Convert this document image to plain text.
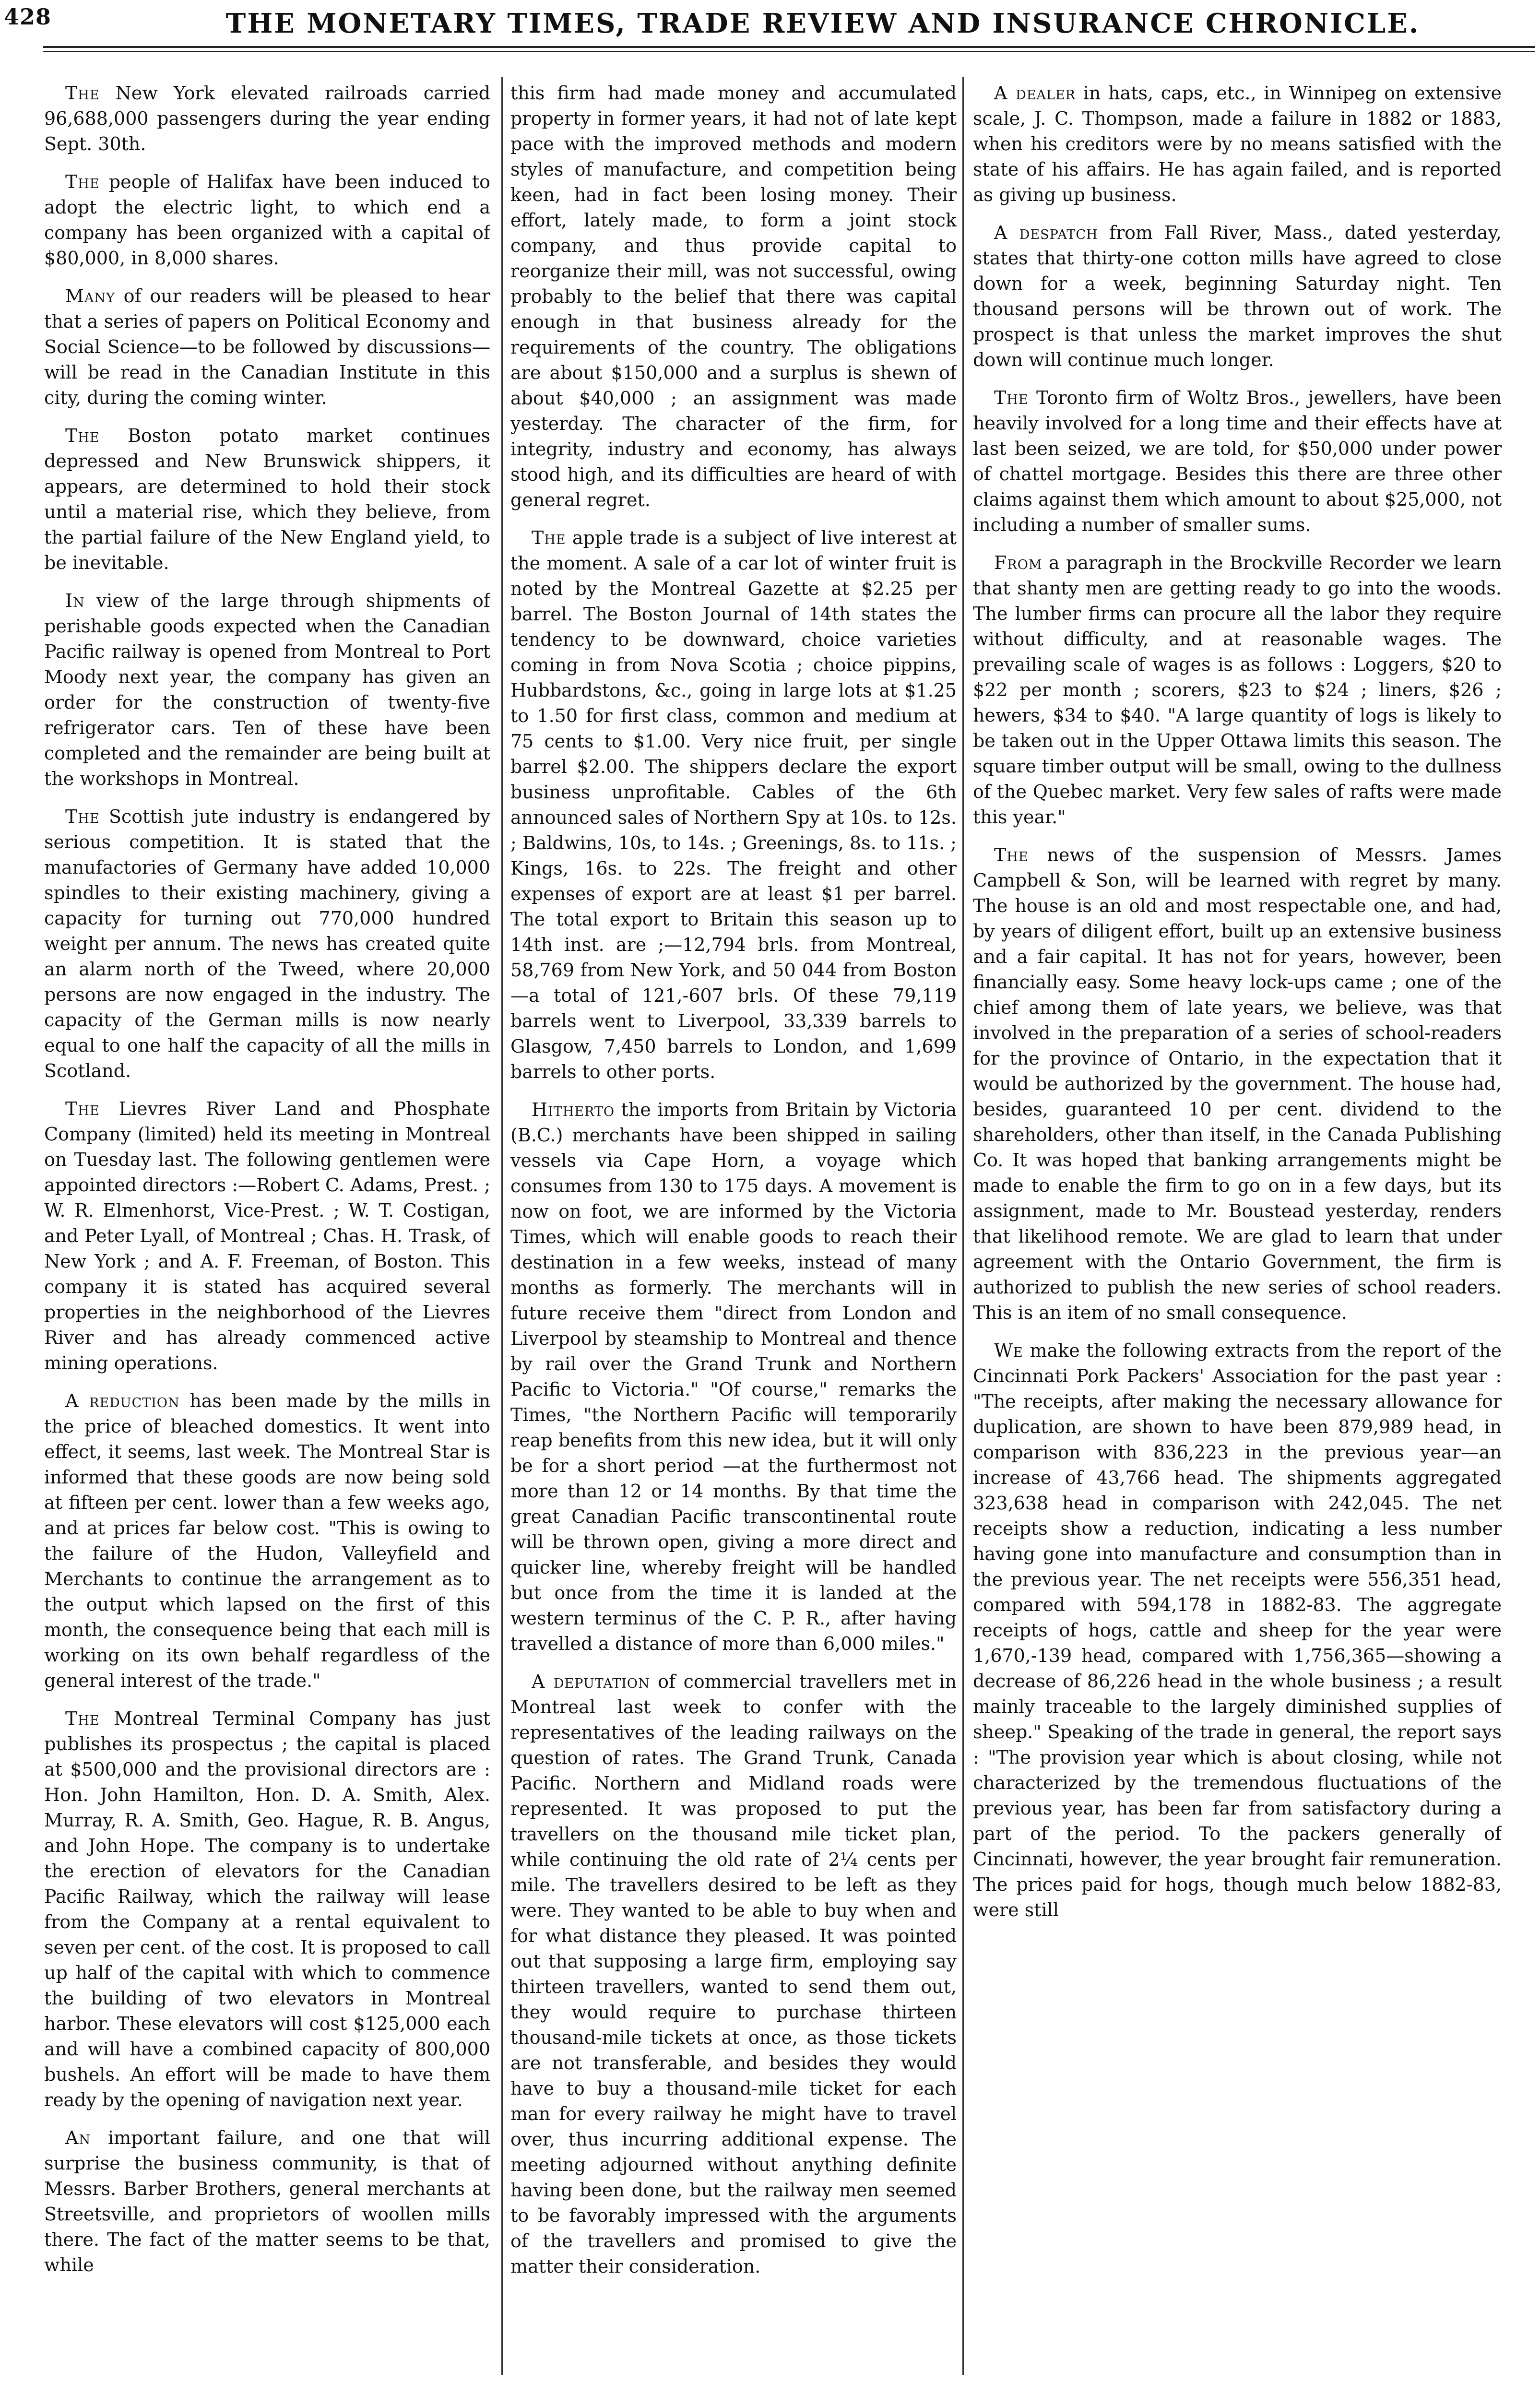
428	THE MONETARY TIMES, TRADE REVIEW AND INSURANCE CHRONICLE.

The New York elevated railroads carried 96,688,000 passengers during the year ending Sept. 30th.

The people of Halifax have been induced to adopt the electric light, to which end a company has been organized with a capital of $80,000, in 8,000 shares.

Many of our readers will be pleased to hear that a series of papers on Political Economy and Social Science—to be followed by discussions—will be read in the Canadian Institute in this city, during the coming winter.

The Boston potato market continues depressed and New Brunswick shippers, it appears, are determined to hold their stock until a material rise, which they believe, from the partial failure of the New England yield, to be inevitable.

In view of the large through shipments of perishable goods expected when the Canadian Pacific railway is opened from Montreal to Port Moody next year, the company has given an order for the construction of twenty-five refrigerator cars. Ten of these have been completed and the remainder are being built at the workshops in Montreal.

The Scottish jute industry is endangered by serious competition. It is stated that the manufactories of Germany have added 10,000 spindles to their existing machinery, giving a capacity for turning out 770,000 hundred weight per annum. The news has created quite an alarm north of the Tweed, where 20,000 persons are now engaged in the industry. The capacity of the German mills is now nearly equal to one half the capacity of all the mills in Scotland.

The Lievres River Land and Phosphate Company (limited) held its meeting in Montreal on Tuesday last. The following gentlemen were appointed directors :—Robert C. Adams, Prest. ; W. R. Elmenhorst, Vice-Prest. ; W. T. Costigan, and Peter Lyall, of Montreal ; Chas. H. Trask, of New York ; and A. F. Freeman, of Boston. This company it is stated has acquired several properties in the neighborhood of the Lievres River and has already commenced active mining operations.

A reduction has been made by the mills in the price of bleached domestics. It went into effect, it seems, last week. The Montreal Star is informed that these goods are now being sold at fifteen per cent. lower than a few weeks ago, and at prices far below cost. "This is owing to the failure of the Hudon, Valleyfield and Merchants to continue the arrangement as to the output which lapsed on the first of this month, the consequence being that each mill is working on its own behalf regardless of the general interest of the trade."

The Montreal Terminal Company has just publishes its prospectus ; the capital is placed at $500,000 and the provisional directors are : Hon. John Hamilton, Hon. D. A. Smith, Alex. Murray, R. A. Smith, Geo. Hague, R. B. Angus, and John Hope. The company is to undertake the erection of elevators for the Canadian Pacific Railway, which the railway will lease from the Company at a rental equivalent to seven per cent. of the cost. It is proposed to call up half of the capital with which to commence the building of two elevators in Montreal harbor. These elevators will cost $125,000 each and will have a combined capacity of 800,000 bushels. An effort will be made to have them ready by the opening of navigation next year.

An important failure, and one that will surprise the business community, is that of Messrs. Barber Brothers, general merchants at Streetsville, and proprietors of woollen mills there. The fact of the matter seems to be that, while

this firm had made money and accumulated property in former years, it had not of late kept pace with the improved methods and modern styles of manufacture, and competition being keen, had in fact been losing money. Their effort, lately made, to form a joint stock company, and thus provide capital to reorganize their mill, was not successful, owing probably to the belief that there was capital enough in that business already for the requirements of the country. The obligations are about $150,000 and a surplus is shewn of about $40,000 ; an assignment was made yesterday. The character of the firm, for integrity, industry and economy, has always stood high, and its difficulties are heard of with general regret.

The apple trade is a subject of live interest at the moment. A sale of a car lot of winter fruit is noted by the Montreal Gazette at $2.25 per barrel. The Boston Journal of 14th states the tendency to be downward, choice varieties coming in from Nova Scotia ; choice pippins, Hubbardstons, &c., going in large lots at $1.25 to 1.50 for first class, common and medium at 75 cents to $1.00. Very nice fruit, per single barrel $2.00. The shippers declare the export business unprofitable. Cables of the 6th announced sales of Northern Spy at 10s. to 12s. ; Baldwins, 10s, to 14s. ; Greenings, 8s. to 11s. ; Kings, 16s. to 22s. The freight and other expenses of export are at least $1 per barrel. The total export to Britain this season up to 14th inst. are ;—12,794 brls. from Montreal, 58,769 from New York, and 50 044 from Boston—a total of 121,-607 brls. Of these 79,119 barrels went to Liverpool, 33,339 barrels to Glasgow, 7,450 barrels to London, and 1,699 barrels to other ports.

Hitherto the imports from Britain by Victoria (B.C.) merchants have been shipped in sailing vessels via Cape Horn, a voyage which consumes from 130 to 175 days. A movement is now on foot, we are informed by the Victoria Times, which will enable goods to reach their destination in a few weeks, instead of many months as formerly. The merchants will in future receive them "direct from London and Liverpool by steamship to Montreal and thence by rail over the Grand Trunk and Northern Pacific to Victoria." "Of course," remarks the Times, "the Northern Pacific will temporarily reap benefits from this new idea, but it will only be for a short period —at the furthermost not more than 12 or 14 months. By that time the great Canadian Pacific transcontinental route will be thrown open, giving a more direct and quicker line, whereby freight will be handled but once from the time it is landed at the western terminus of the C. P. R., after having travelled a distance of more than 6,000 miles."

A deputation of commercial travellers met in Montreal last week to confer with the representatives of the leading railways on the question of rates. The Grand Trunk, Canada Pacific. Northern and Midland roads were represented. It was proposed to put the travellers on the thousand mile ticket plan, while continuing the old rate of 2¼ cents per mile. The travellers desired to be left as they were. They wanted to be able to buy when and for what distance they pleased. It was pointed out that supposing a large firm, employing say thirteen travellers, wanted to send them out, they would require to purchase thirteen thousand-mile tickets at once, as those tickets are not transferable, and besides they would have to buy a thousand-mile ticket for each man for every railway he might have to travel over, thus incurring additional expense. The meeting adjourned without anything definite having been done, but the railway men seemed to be favorably impressed with the arguments of the travellers and promised to give the matter their consideration.

A dealer in hats, caps, etc., in Winnipeg on extensive scale, J. C. Thompson, made a failure in 1882 or 1883, when his creditors were by no means satisfied with the state of his affairs. He has again failed, and is reported as giving up business.

A despatch from Fall River, Mass., dated yesterday, states that thirty-one cotton mills have agreed to close down for a week, beginning Saturday night. Ten thousand persons will be thrown out of work. The prospect is that unless the market improves the shut down will continue much longer.

The Toronto firm of Woltz Bros., jewellers, have been heavily involved for a long time and their effects have at last been seized, we are told, for $50,000 under power of chattel mortgage. Besides this there are three other claims against them which amount to about $25,000, not including a number of smaller sums.

From a paragraph in the Brockville Recorder we learn that shanty men are getting ready to go into the woods. The lumber firms can procure all the labor they require without difficulty, and at reasonable wages. The prevailing scale of wages is as follows : Loggers, $20 to $22 per month ; scorers, $23 to $24 ; liners, $26 ; hewers, $34 to $40. "A large quantity of logs is likely to be taken out in the Upper Ottawa limits this season. The square timber output will be small, owing to the dullness of the Quebec market. Very few sales of rafts were made this year."

The news of the suspension of Messrs. James Campbell & Son, will be learned with regret by many. The house is an old and most respectable one, and had, by years of diligent effort, built up an extensive business and a fair capital. It has not for years, however, been financially easy. Some heavy lock-ups came ; one of the chief among them of late years, we believe, was that involved in the preparation of a series of school-readers for the province of Ontario, in the expectation that it would be authorized by the government. The house had, besides, guaranteed 10 per cent. dividend to the shareholders, other than itself, in the Canada Publishing Co. It was hoped that banking arrangements might be made to enable the firm to go on in a few days, but its assignment, made to Mr. Boustead yesterday, renders that likelihood remote. We are glad to learn that under agreement with the Ontario Government, the firm is authorized to publish the new series of school readers. This is an item of no small consequence.

We make the following extracts from the report of the Cincinnati Pork Packers' Association for the past year : "The receipts, after making the necessary allowance for duplication, are shown to have been 879,989 head, in comparison with 836,223 in the previous year—an increase of 43,766 head. The shipments aggregated 323,638 head in comparison with 242,045. The net receipts show a reduction, indicating a less number having gone into manufacture and consumption than in the previous year. The net receipts were 556,351 head, compared with 594,178 in 1882-83. The aggregate receipts of hogs, cattle and sheep for the year were 1,670,-139 head, compared with 1,756,365—showing a decrease of 86,226 head in the whole business ; a result mainly traceable to the largely diminished supplies of sheep." Speaking of the trade in general, the report says : "The provision year which is about closing, while not characterized by the tremendous fluctuations of the previous year, has been far from satisfactory during a part of the period. To the packers generally of Cincinnati, however, the year brought fair remuneration. The prices paid for hogs, though much below 1882-83, were still
